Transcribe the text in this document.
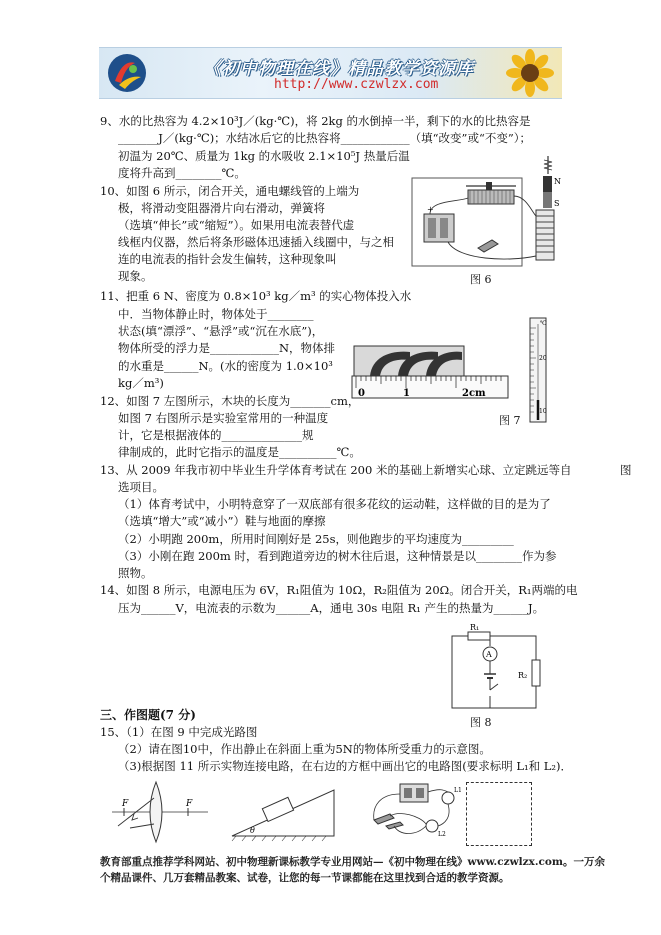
《初中物理在线》精品教学资源库
http://www.czwlzx.com
9、水的比热容为 4.2×10³J／(kg·℃)，将 2kg 的水倒掉一半，剩下的水的比热容是
_______J／(kg·℃)；水结冰后它的比热容将____________（填“改变”或“不变”）；
初温为 20℃、质量为 1kg 的水吸收 2.1×10⁵J 热量后温
度将升高到________℃。
10、如图 6 所示，闭合开关，通电螺线管的上端为
极，将滑动变阻器滑片向右滑动，弹簧将
（选填“伸长”或“缩短”）。如果用电流表替代虚
线框内仪器，然后将条形磁体迅速插入线圈中，与之相
连的电流表的指针会发生偏转，这种现象叫
现象。
N
S
+
图 6
11、把重 6 N、密度为 0.8×10³ kg／m³ 的实心物体投入水
中．当物体静止时，物体处于________
状态(填“漂浮”、“悬浮”或“沉在水底”)，
物体所受的浮力是____________N，物体排
的水重是______N。(水的密度为 1.0×10³
kg／m³)
0	1	2cm
℃
20
10
图 7
12、如图 7 左图所示，木块的长度为_______cm，
如图 7 右图所示是实验室常用的一种温度
计，它是根据液体的______________规
律制成的，此时它指示的温度是__________℃。
13、从 2009 年我市初中毕业生升学体育考试在 200 米的基础上新增实心球、立定跳远等自	图
选项目。
（1）体育考试中，小明特意穿了一双底部有很多花纹的运动鞋，这样做的目的是为了
（选填“增大”或“减小”）鞋与地面的摩擦
（2）小明跑 200m，所用时间刚好是 25s，则他跑步的平均速度为_________
（3）小刚在跑 200m 时，看到跑道旁边的树木往后退，这种情景是以________作为参
照物。
14、如图 8 所示，电源电压为 6V，R₁阻值为 10Ω，R₂阻值为 20Ω。闭合开关，R₁两端的电
压为______V，电流表的示数为______A，通电 30s 电阻 R₁ 产生的热量为______J。
R₁
R₂
A
图 8
三、作图题(7 分)
15、（1）在图 9 中完成光路图
（2）请在图10中，作出静止在斜面上重为5N的物体所受重力的示意图。
（3)根据图 11 所示实物连接电路，在右边的方框中画出它的电路图(要求标明 L₁和 L₂)．
F	F
θ
L1
L2
教育部重点推荐学科网站、初中物理新课标教学专业用网站—《初中物理在线》www.czwlzx.com。一万余
个精品课件、几万套精品教案、试卷，让您的每一节课都能在这里找到合适的教学资源。
